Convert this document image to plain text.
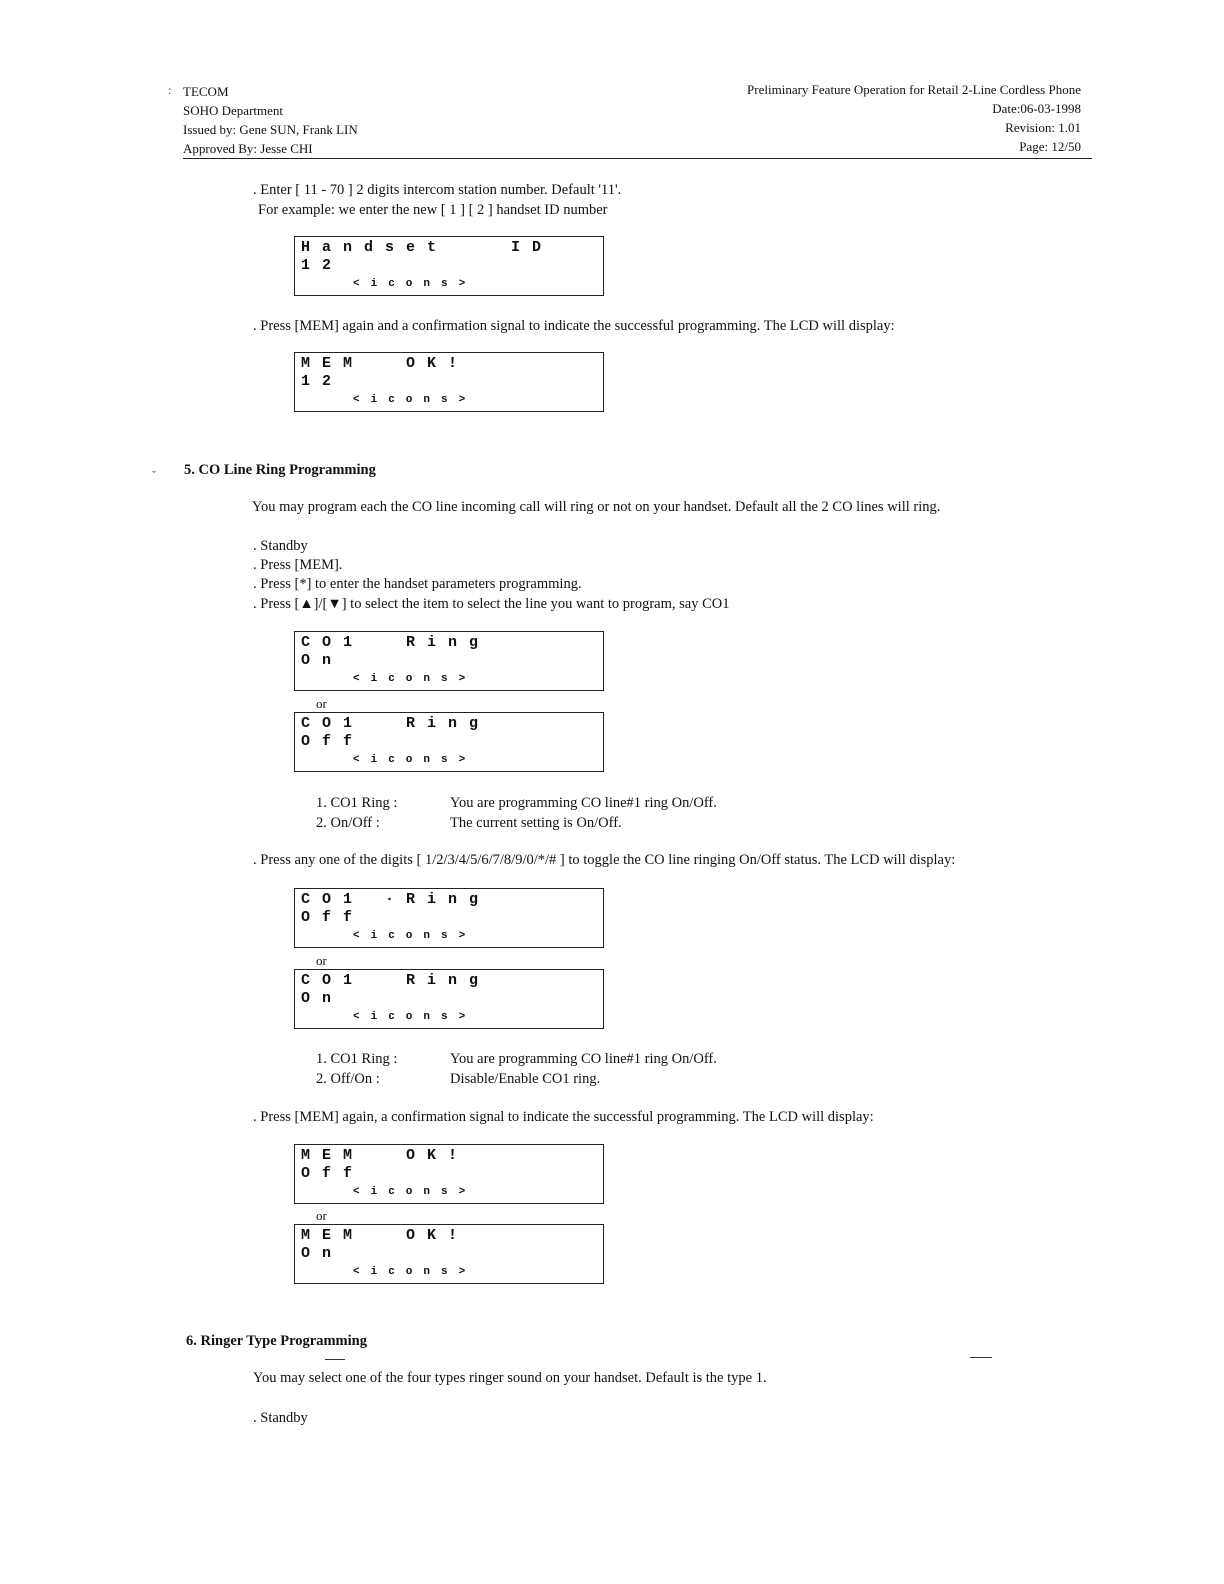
TECOM
SOHO Department
Issued by: Gene SUN, Frank LIN
Approved By: Jesse CHI
:	Preliminary Feature Operation for Retail 2-Line Cordless Phone
Date:06-03-1998
Revision: 1.01
Page: 12/50
. Enter [ 11 - 70 ] 2 digits intercom station number. Default '11'.
For example: we enter the new [ 1 ] [ 2 ] handset ID number
Handset   ID
12
<icons>
. Press [MEM] again and a confirmation signal to indicate the successful programming. The LCD will display:
MEM  OK!
12
<icons>
˘ 5. CO Line Ring Programming
You may program each the CO line incoming call will ring or not on your handset. Default all the 2 CO lines will ring.
. Standby
. Press [MEM].
. Press [*] to enter the handset parameters programming.
. Press [▲]/[▼] to select the item to select the line you want to program, say CO1
CO1  Ring
On
<icons>
or
CO1  Ring
Off
<icons>
1. CO1 Ring :	You are programming CO line#1 ring On/Off.
2. On/Off :	The current setting is On/Off.
. Press any one of the digits [ 1/2/3/4/5/6/7/8/9/0/*/# ] to toggle the CO line ringing On/Off status. The LCD will display:
CO1 ·Ring
Off
<icons>
or
CO1  Ring
On
<icons>
1. CO1 Ring :	You are programming CO line#1 ring On/Off.
2. Off/On :	Disable/Enable CO1 ring.
. Press [MEM] again, a confirmation signal to indicate the successful programming. The LCD will display:
MEM  OK!
Off
<icons>
or
MEM  OK!
On
<icons>
6. Ringer Type Programming
You may select one of the four types ringer sound on your handset. Default is the type 1.
. Standby
